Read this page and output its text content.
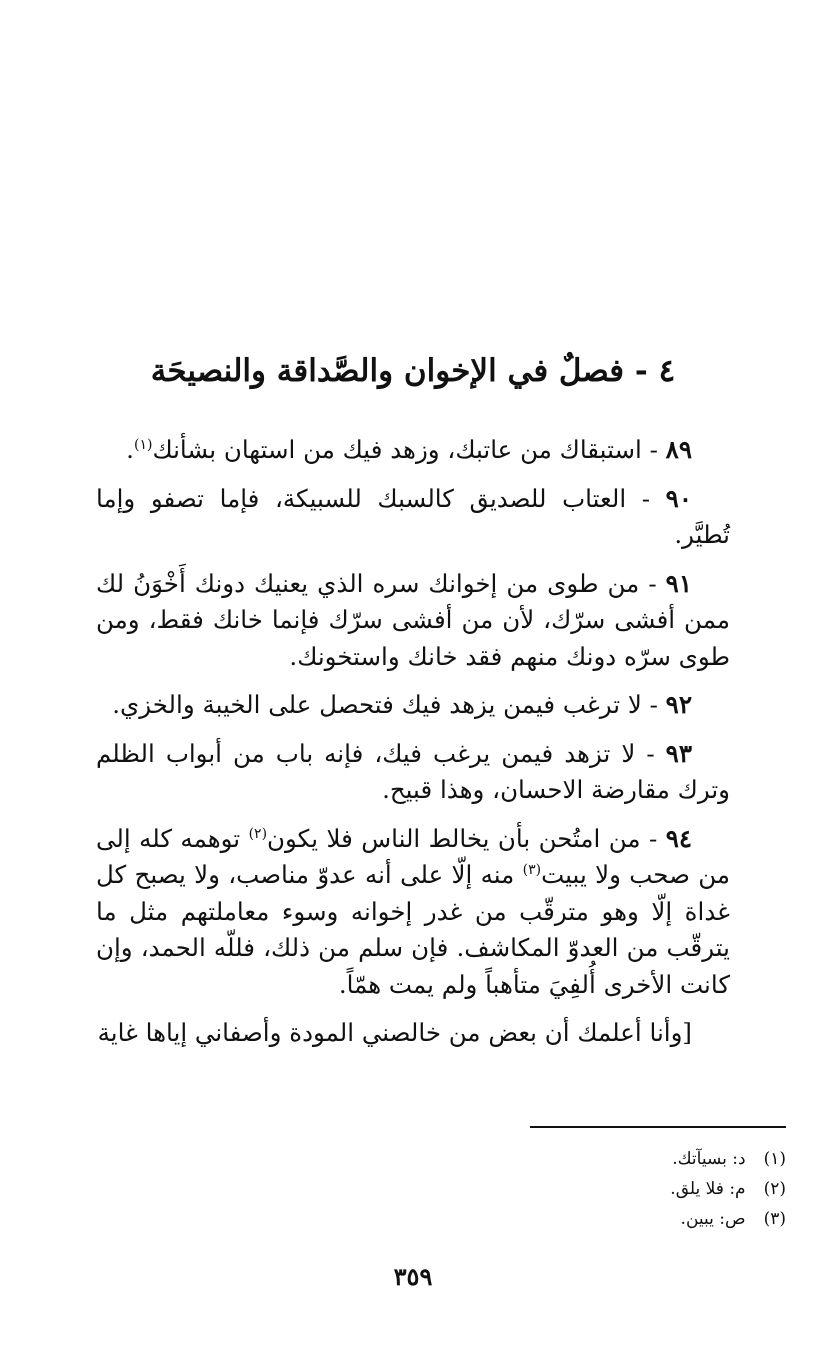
٤ - فصلٌ في الإخوان والصَّداقة والنصيحَة

٨٩ - استبقاك من عاتبك، وزهد فيك من استهان بشأنك$^{(١)}$.

٩٠ - العتاب للصديق كالسبك للسبيكة، فإما تصفو وإما تُطيَّر.

٩١ - من طوى من إخوانك سره الذي يعنيك دونك أَخْوَنُ لك ممن أفشى سرّك، لأن من أفشى سرّك فإنما خانك فقط، ومن طوى سرّه دونك منهم فقد خانك واستخونك.

٩٢ - لا ترغب فيمن يزهد فيك فتحصل على الخيبة والخزي.

٩٣ - لا تزهد فيمن يرغب فيك، فإنه باب من أبواب الظلم وترك مقارضة الاحسان، وهذا قبيح.

٩٤ - من امتُحن بأن يخالط الناس فلا يكون$^{(٢)}$ توهمه كله إلى من صحب ولا يبيت$^{(٣)}$ منه إلّا على أنه عدوّ مناصب، ولا يصبح كل غداة إلّا وهو مترقّب من غدر إخوانه وسوء معاملتهم مثل ما يترقّب من العدوّ المكاشف. فإن سلم من ذلك، فللّه الحمد، وإن كانت الأخرى أُلفِيَ متأهباً ولم يمت همّاً.

[وأنا أعلمك أن بعض من خالصني المودة وأصفاني إياها غاية

(١)د: بسيآتك.
(٢)م: فلا يلق.
(٣)ص: يبين.
٣٥٩
